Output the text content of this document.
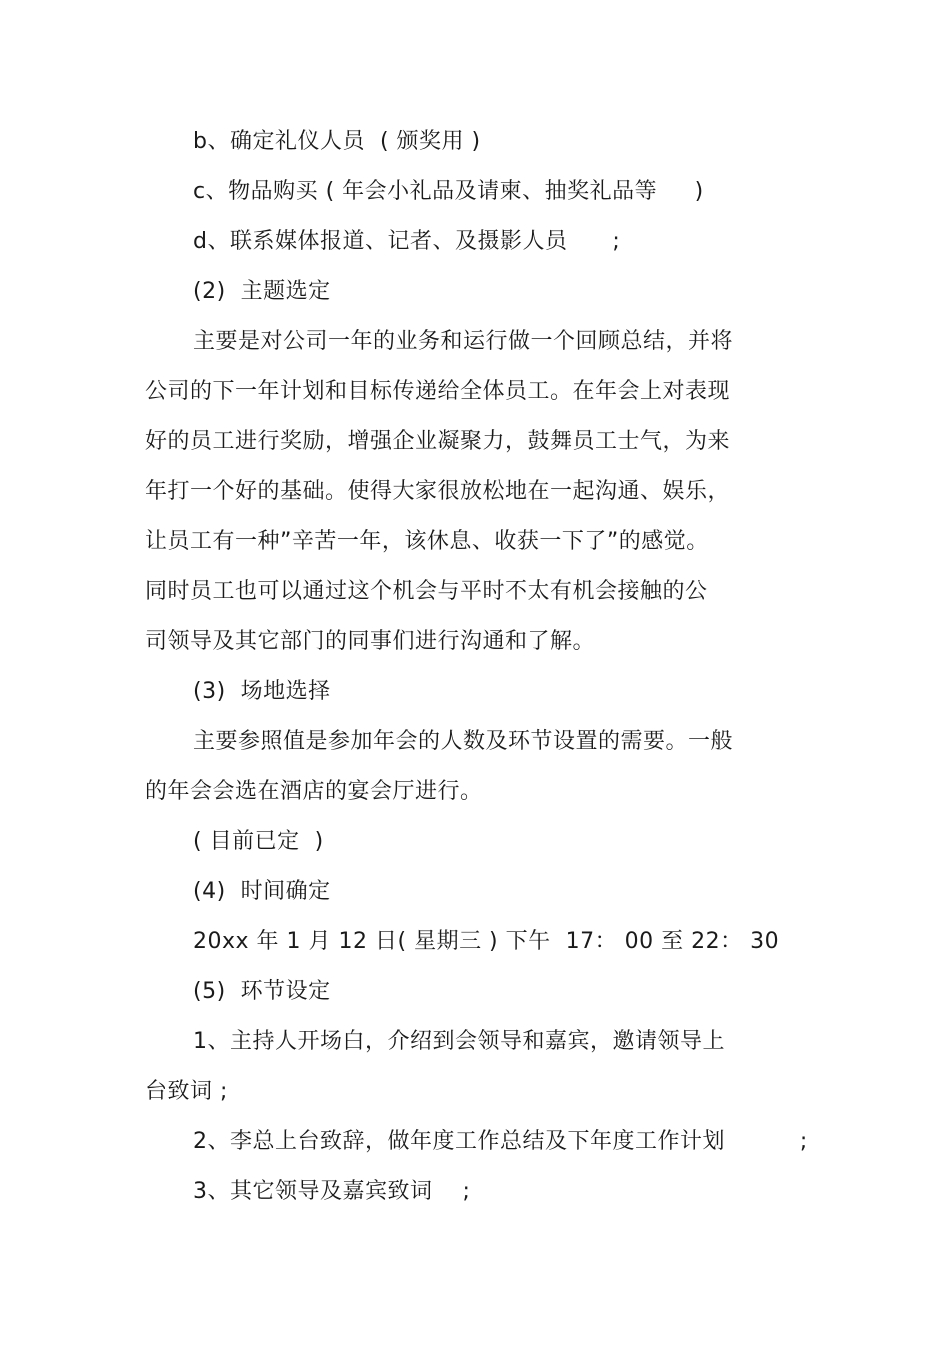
b、确定礼仪人员  ( 颁奖用 )
c、物品购买 ( 年会小礼品及请柬、抽奖礼品等     )
d、联系媒体报道、记者、及摄影人员      ;
(2)  主题选定
主要是对公司一年的业务和运行做一个回顾总结，并将
公司的下一年计划和目标传递给全体员工。在年会上对表现
好的员工进行奖励，增强企业凝聚力，鼓舞员工士气，为来
年打一个好的基础。使得大家很放松地在一起沟通、娱乐，
让员工有一种”辛苦一年，该休息、收获一下了”的感觉。
同时员工也可以通过这个机会与平时不太有机会接触的公
司领导及其它部门的同事们进行沟通和了解。
(3)  场地选择
主要参照值是参加年会的人数及环节设置的需要。一般
的年会会选在酒店的宴会厅进行。
( 目前已定  )
(4)  时间确定
20xx 年 1 月 12 日( 星期三 ) 下午  17： 00 至 22： 30
(5)  环节设定
1、主持人开场白，介绍到会领导和嘉宾，邀请领导上
台致词 ;
2、李总上台致辞，做年度工作总结及下年度工作计划          ;
3、其它领导及嘉宾致词    ;
